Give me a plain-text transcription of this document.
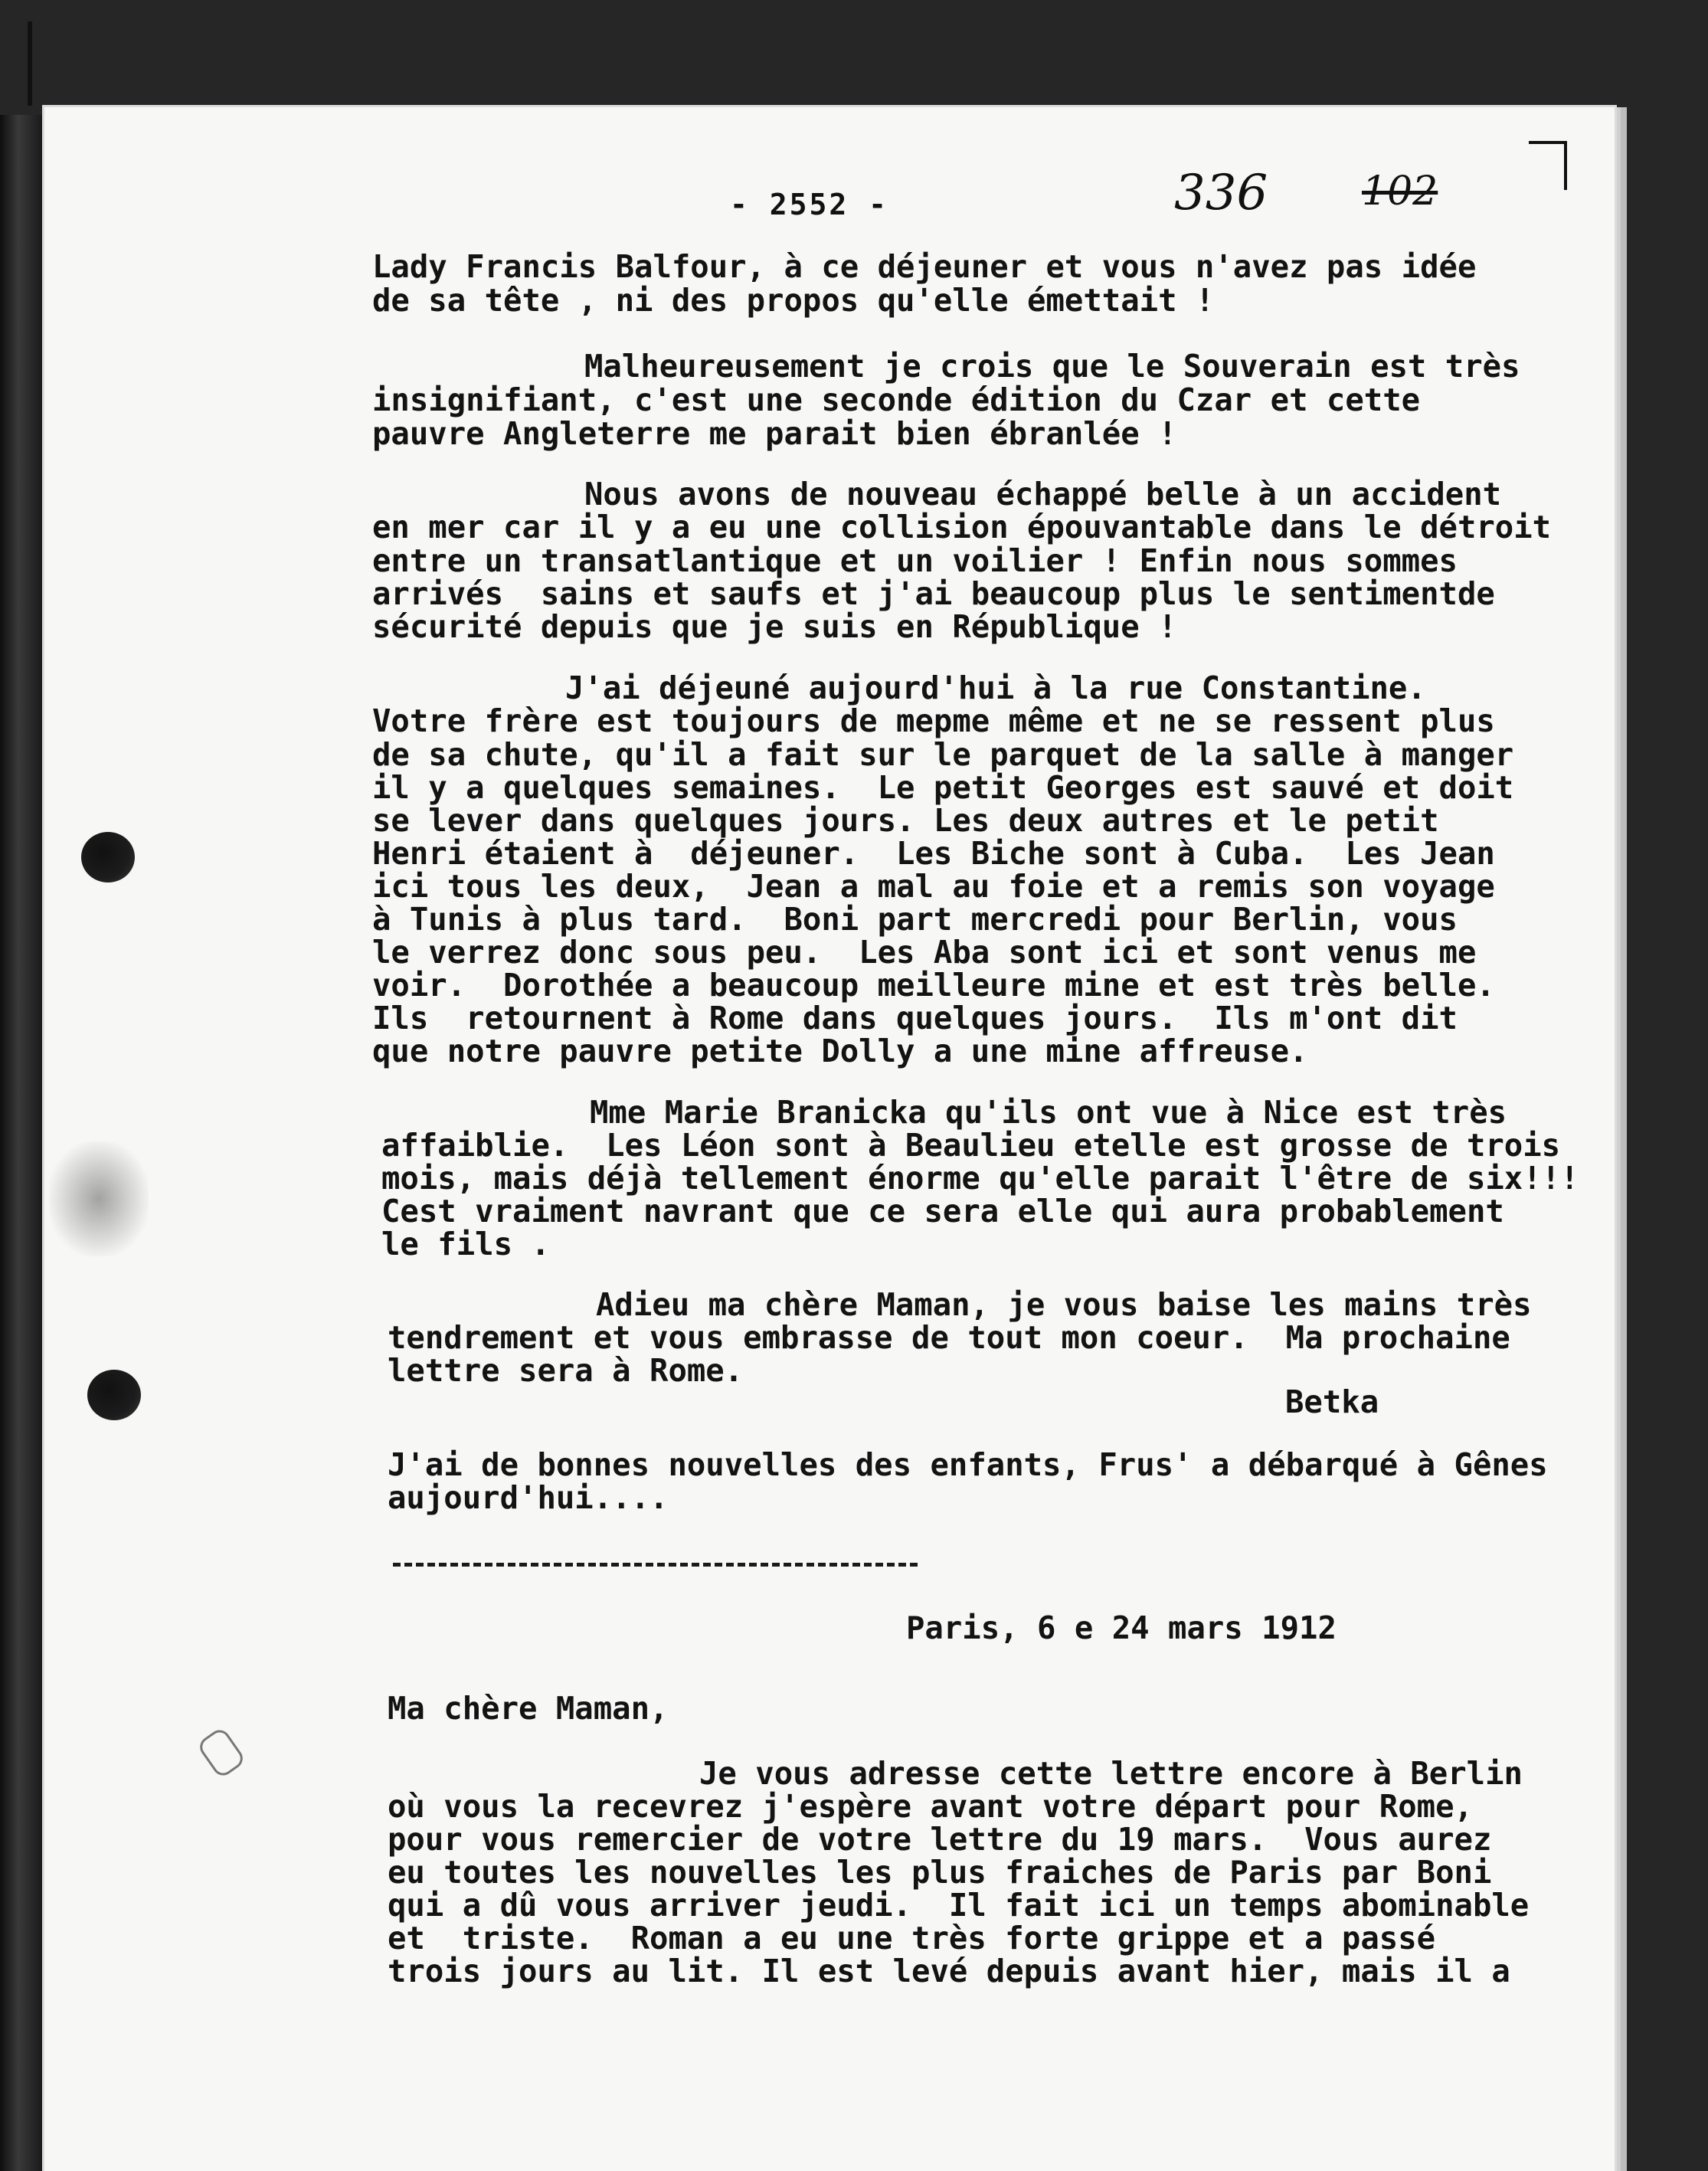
- 2552 -	336 102
Lady Francis Balfour, à ce déjeuner et vous n'avez pas idée
de sa tête , ni des propos qu'elle émettait !
Malheureusement je crois que le Souverain est très
insignifiant, c'est une seconde édition du Czar et cette
pauvre Angleterre me parait bien ébranlée !
Nous avons de nouveau échappé belle à un accident
en mer car il y a eu une collision épouvantable dans le détroit
entre un transatlantique et un voilier ! Enfin nous sommes
arrivés  sains et saufs et j'ai beaucoup plus le sentimentde
sécurité depuis que je suis en République !
J'ai déjeuné aujourd'hui à la rue Constantine.
Votre frère est toujours de mepme même et ne se ressent plus
de sa chute, qu'il a fait sur le parquet de la salle à manger
il y a quelques semaines.  Le petit Georges est sauvé et doit
se lever dans quelques jours. Les deux autres et le petit
Henri étaient à  déjeuner.  Les Biche sont à Cuba.  Les Jean
ici tous les deux,  Jean a mal au foie et a remis son voyage
à Tunis à plus tard.  Boni part mercredi pour Berlin, vous
le verrez donc sous peu.  Les Aba sont ici et sont venus me
voir.  Dorothée a beaucoup meilleure mine et est très belle.
Ils  retournent à Rome dans quelques jours.  Ils m'ont dit
que notre pauvre petite Dolly a une mine affreuse.
Mme Marie Branicka qu'ils ont vue à Nice est très
affaiblie.  Les Léon sont à Beaulieu etelle est grosse de trois
mois, mais déjà tellement énorme qu'elle parait l'être de six!!!
Cest vraiment navrant que ce sera elle qui aura probablement
le fils .
Adieu ma chère Maman, je vous baise les mains très
tendrement et vous embrasse de tout mon coeur.  Ma prochaine
lettre sera à Rome.
Betka
J'ai de bonnes nouvelles des enfants, Frus' a débarqué à Gênes
aujourd'hui....
Paris, 6 e 24 mars 1912
Ma chère Maman,
Je vous adresse cette lettre encore à Berlin
où vous la recevrez j'espère avant votre départ pour Rome,
pour vous remercier de votre lettre du 19 mars.  Vous aurez
eu toutes les nouvelles les plus fraiches de Paris par Boni
qui a dû vous arriver jeudi.  Il fait ici un temps abominable
et  triste.  Roman a eu une très forte grippe et a passé
trois jours au lit. Il est levé depuis avant hier, mais il a
